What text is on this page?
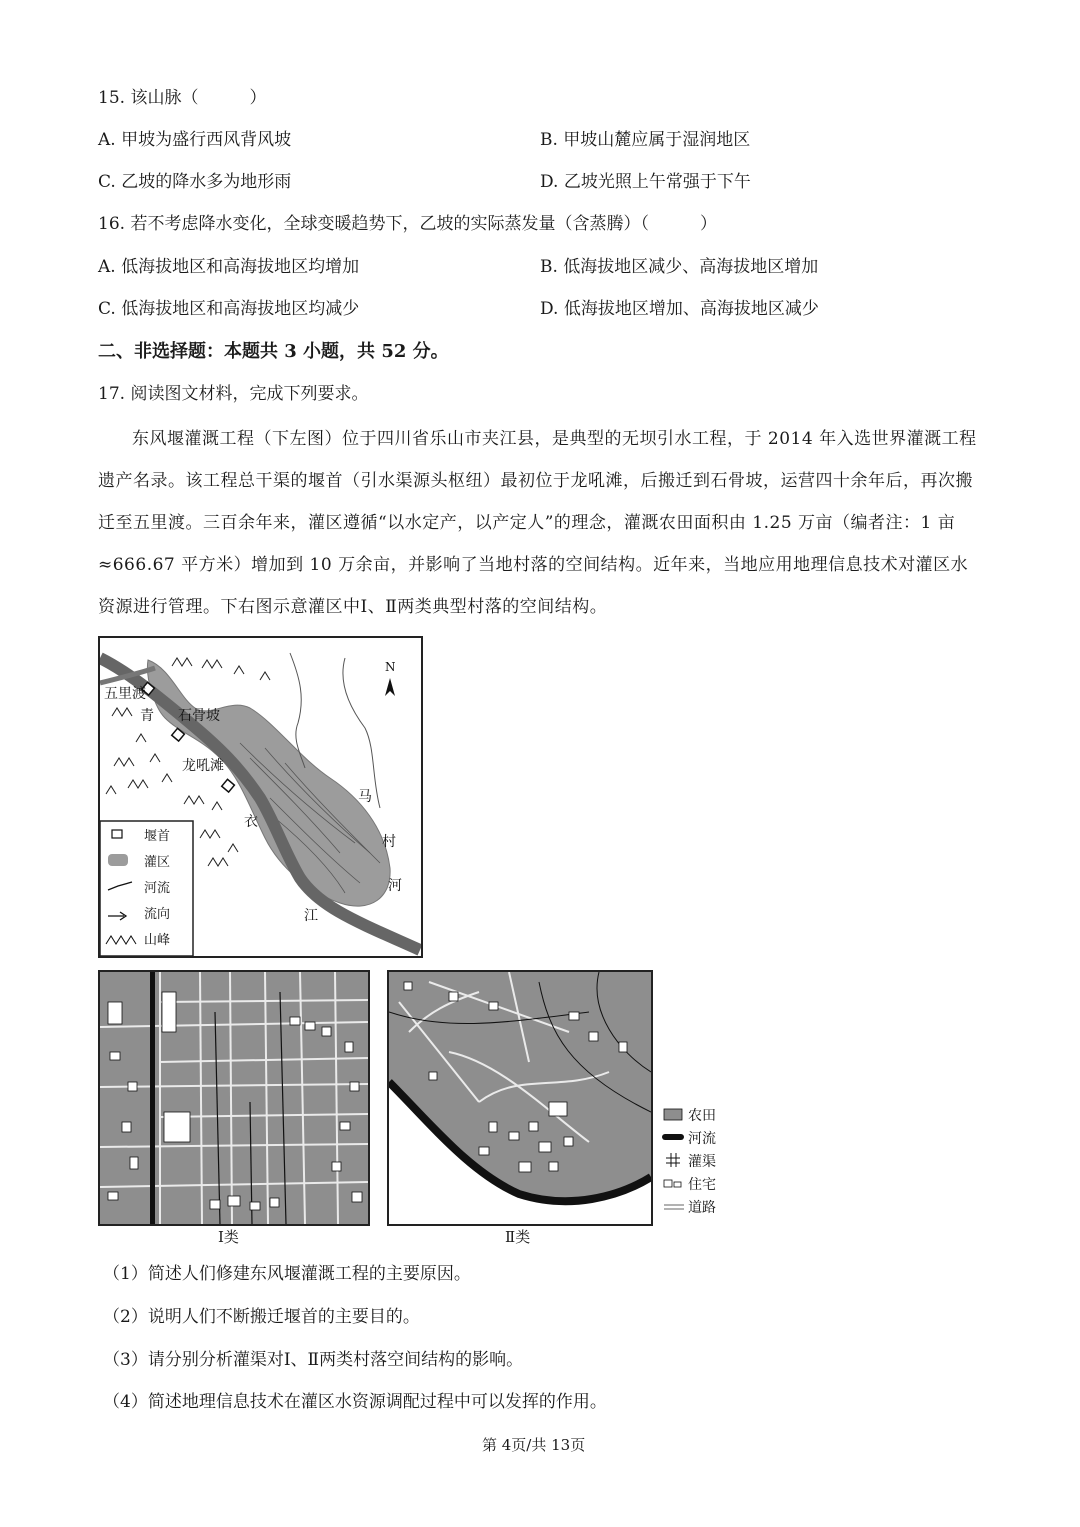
15. 该山脉（　　　）
A. 甲坡为盛行西风背风坡	B. 甲坡山麓应属于湿润地区
C. 乙坡的降水多为地形雨	D. 乙坡光照上午常强于下午
16. 若不考虑降水变化，全球变暖趋势下，乙坡的实际蒸发量（含蒸腾）（　　　）
A. 低海拔地区和高海拔地区均增加	B. 低海拔地区减少、高海拔地区增加
C. 低海拔地区和高海拔地区均减少	D. 低海拔地区增加、高海拔地区减少
二、非选择题：本题共 3 小题，共 52 分。
17. 阅读图文材料，完成下列要求。
东风堰灌溉工程（下左图）位于四川省乐山市夹江县，是典型的无坝引水工程，于 2014 年入选世界灌溉工程遗产名录。该工程总干渠的堰首（引水渠源头枢纽）最初位于龙吼滩，后搬迁到石骨坡，运营四十余年后，再次搬迁至五里渡。三百余年来，灌区遵循“以水定产，以产定人”的理念，灌溉农田面积由 1.25 万亩（编者注：1 亩≈666.67 平方米）增加到 10 万余亩，并影响了当地村落的空间结构。近年来，当地应用地理信息技术对灌区水资源进行管理。下右图示意灌区中Ⅰ、Ⅱ两类典型村落的空间结构。
N
五里渡
石骨坡
龙吼滩
青
衣
江
马
村
河
堰首
灌区
河流
流向
山峰
Ⅰ类	Ⅱ类
农田
河流
灌渠
住宅
道路
（1）简述人们修建东风堰灌溉工程的主要原因。
（2）说明人们不断搬迁堰首的主要目的。
（3）请分别分析灌渠对Ⅰ、Ⅱ两类村落空间结构的影响。
（4）简述地理信息技术在灌区水资源调配过程中可以发挥的作用。
第 4页/共 13页
